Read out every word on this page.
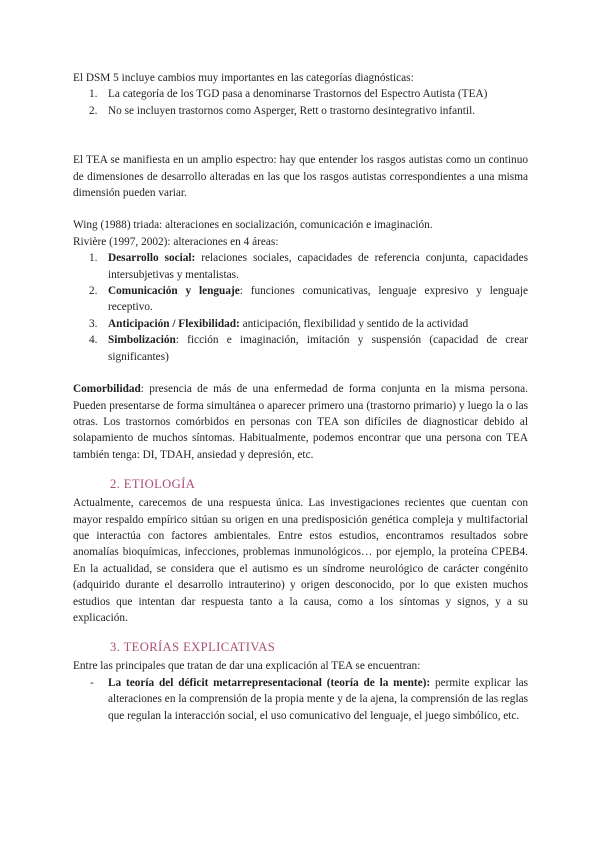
El DSM 5 incluye cambios muy importantes en las categorías diagnósticas:

1. La categoría de los TGD pasa a denominarse Trastornos del Espectro Autista (TEA)
2. No se incluyen trastornos como Asperger, Rett o trastorno desintegrativo infantil.

El TEA se manifiesta en un amplio espectro: hay que entender los rasgos autistas como un continuo de dimensiones de desarrollo alteradas en las que los rasgos autistas correspondientes a una misma dimensión pueden variar.

Wing (1988) triada: alteraciones en socialización, comunicación e imaginación.

Rivière (1997, 2002): alteraciones en 4 áreas:

1. Desarrollo social: relaciones sociales, capacidades de referencia conjunta, capacidades intersubjetivas y mentalistas.
2. Comunicación y lenguaje: funciones comunicativas, lenguaje expresivo y lenguaje receptivo.
3. Anticipación / Flexibilidad: anticipación, flexibilidad y sentido de la actividad
4. Simbolización: ficción e imaginación, imitación y suspensión (capacidad de crear significantes)

Comorbilidad: presencia de más de una enfermedad de forma conjunta en la misma persona. Pueden presentarse de forma simultánea o aparecer primero una (trastorno primario) y luego la o las otras. Los trastornos comórbidos en personas con TEA son difíciles de diagnosticar debido al solapamiento de muchos síntomas. Habitualmente, podemos encontrar que una persona con TEA también tenga: DI, TDAH, ansiedad y depresión, etc.

2. ETIOLOGÍA

Actualmente, carecemos de una respuesta única. Las investigaciones recientes que cuentan con mayor respaldo empírico sitúan su origen en una predisposición genética compleja y multifactorial que interactúa con factores ambientales. Entre estos estudios, encontramos resultados sobre anomalías bioquímicas, infecciones, problemas inmunológicos… por ejemplo, la proteína CPEB4. En la actualidad, se considera que el autismo es un síndrome neurológico de carácter congénito (adquirido durante el desarrollo intrauterino) y origen desconocido, por lo que existen muchos estudios que intentan dar respuesta tanto a la causa, como a los síntomas y signos, y a su explicación.

3. TEORÍAS EXPLICATIVAS

Entre las principales que tratan de dar una explicación al TEA se encuentran:

- La teoría del déficit metarrepresentacional (teoría de la mente): permite explicar las alteraciones en la comprensión de la propia mente y de la ajena, la comprensión de las reglas que regulan la interacción social, el uso comunicativo del lenguaje, el juego simbólico, etc.
